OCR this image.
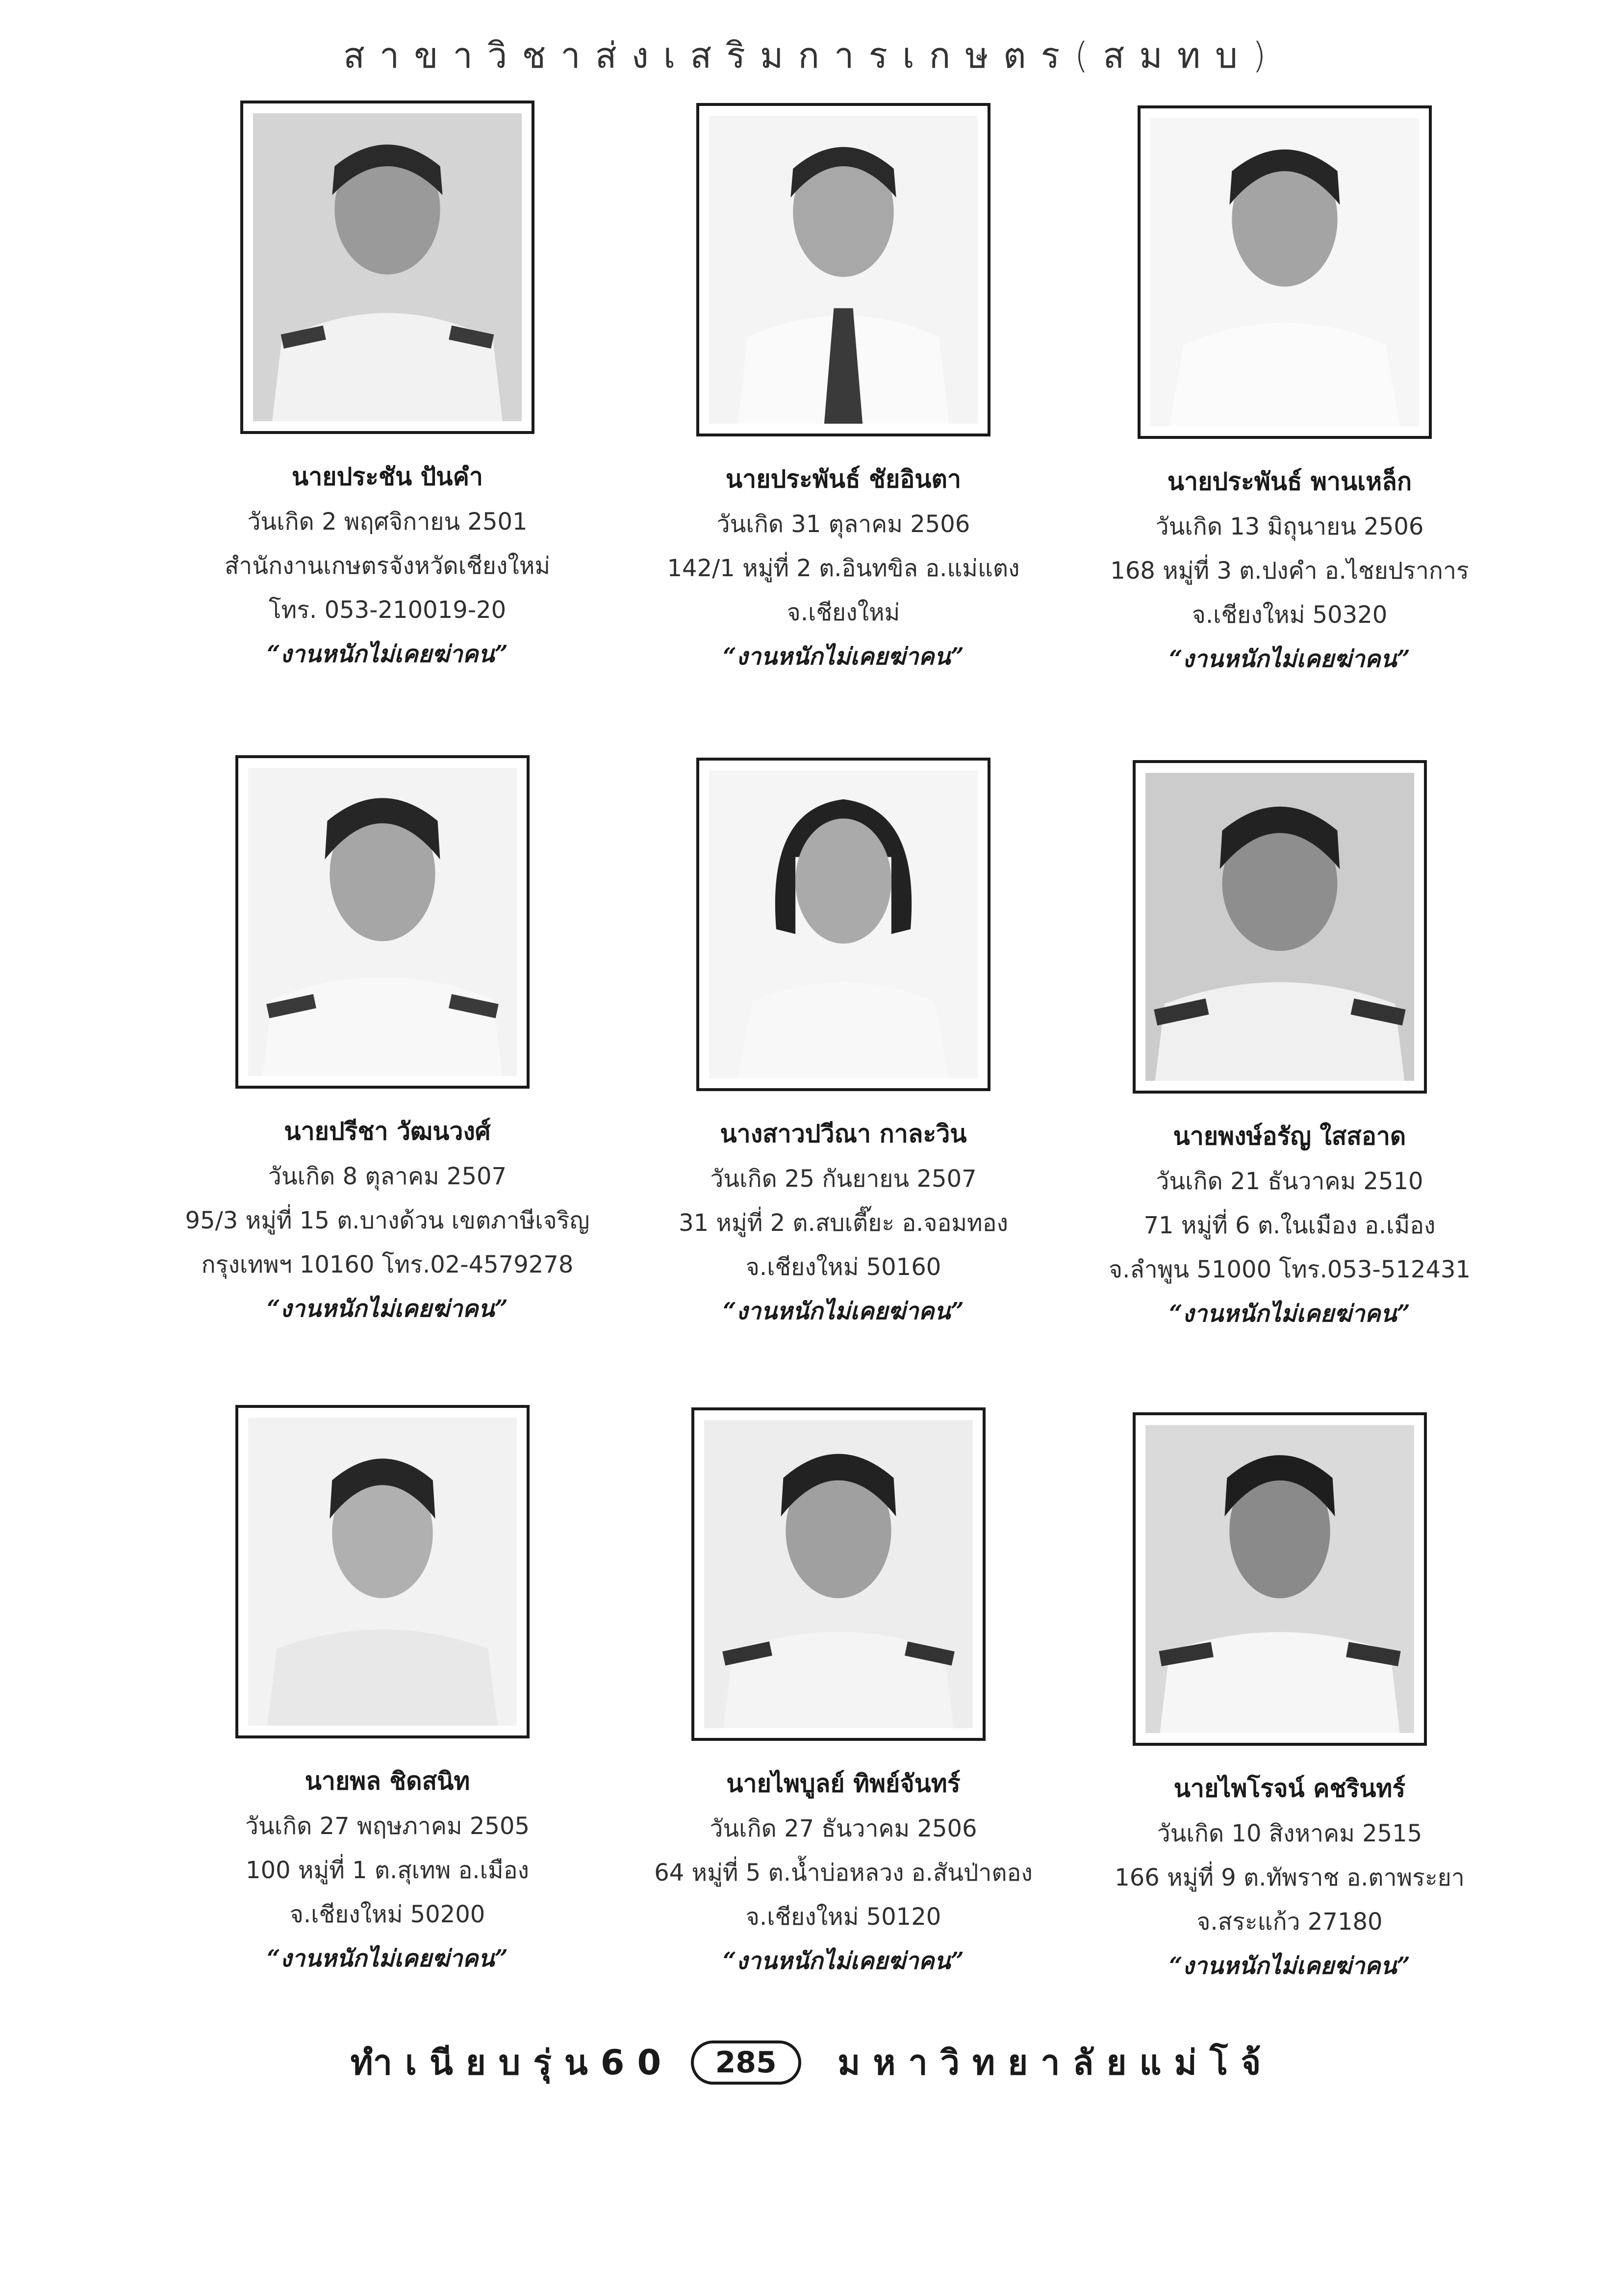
สาขาวิชาส่งเสริมการเกษตร(สมทบ)
นายประชัน ปันคำ
วันเกิด 2 พฤศจิกายน 2501
สำนักงานเกษตรจังหวัดเชียงใหม่
โทร. 053-210019-20
“งานหนักไม่เคยฆ่าคน”
นายประพันธ์ ชัยอินตา
วันเกิด 31 ตุลาคม 2506
142/1 หมู่ที่ 2 ต.อินทขิล อ.แม่แตง
จ.เชียงใหม่
“งานหนักไม่เคยฆ่าคน”
นายประพันธ์ พานเหล็ก
วันเกิด 13 มิถุนายน 2506
168 หมู่ที่ 3 ต.ปงคำ อ.ไชยปราการ
จ.เชียงใหม่ 50320
“งานหนักไม่เคยฆ่าคน”
นายปรีชา วัฒนวงศ์
วันเกิด 8 ตุลาคม 2507
95/3 หมู่ที่ 15 ต.บางด้วน เขตภาษีเจริญ
กรุงเทพฯ 10160 โทร.02-4579278
“งานหนักไม่เคยฆ่าคน”
นางสาวปวีณา กาละวิน
วันเกิด 25 กันยายน 2507
31 หมู่ที่ 2 ต.สบเตี๊ยะ อ.จอมทอง
จ.เชียงใหม่ 50160
“งานหนักไม่เคยฆ่าคน”
นายพงษ์อรัญ ใสสอาด
วันเกิด 21 ธันวาคม 2510
71 หมู่ที่ 6 ต.ในเมือง อ.เมือง
จ.ลำพูน 51000 โทร.053-512431
“งานหนักไม่เคยฆ่าคน”
นายพล ชิดสนิท
วันเกิด 27 พฤษภาคม 2505
100 หมู่ที่ 1 ต.สุเทพ อ.เมือง
จ.เชียงใหม่ 50200
“งานหนักไม่เคยฆ่าคน”
นายไพบูลย์ ทิพย์จันทร์
วันเกิด 27 ธันวาคม 2506
64 หมู่ที่ 5 ต.น้ำบ่อหลวง อ.สันป่าตอง
จ.เชียงใหม่ 50120
“งานหนักไม่เคยฆ่าคน”
นายไพโรจน์ คชรินทร์
วันเกิด 10 สิงหาคม 2515
166 หมู่ที่ 9 ต.ทัพราช อ.ตาพระยา
จ.สระแก้ว 27180
“งานหนักไม่เคยฆ่าคน”
ทำเนียบรุ่น60 285 มหาวิทยาลัยแม่โจ้
